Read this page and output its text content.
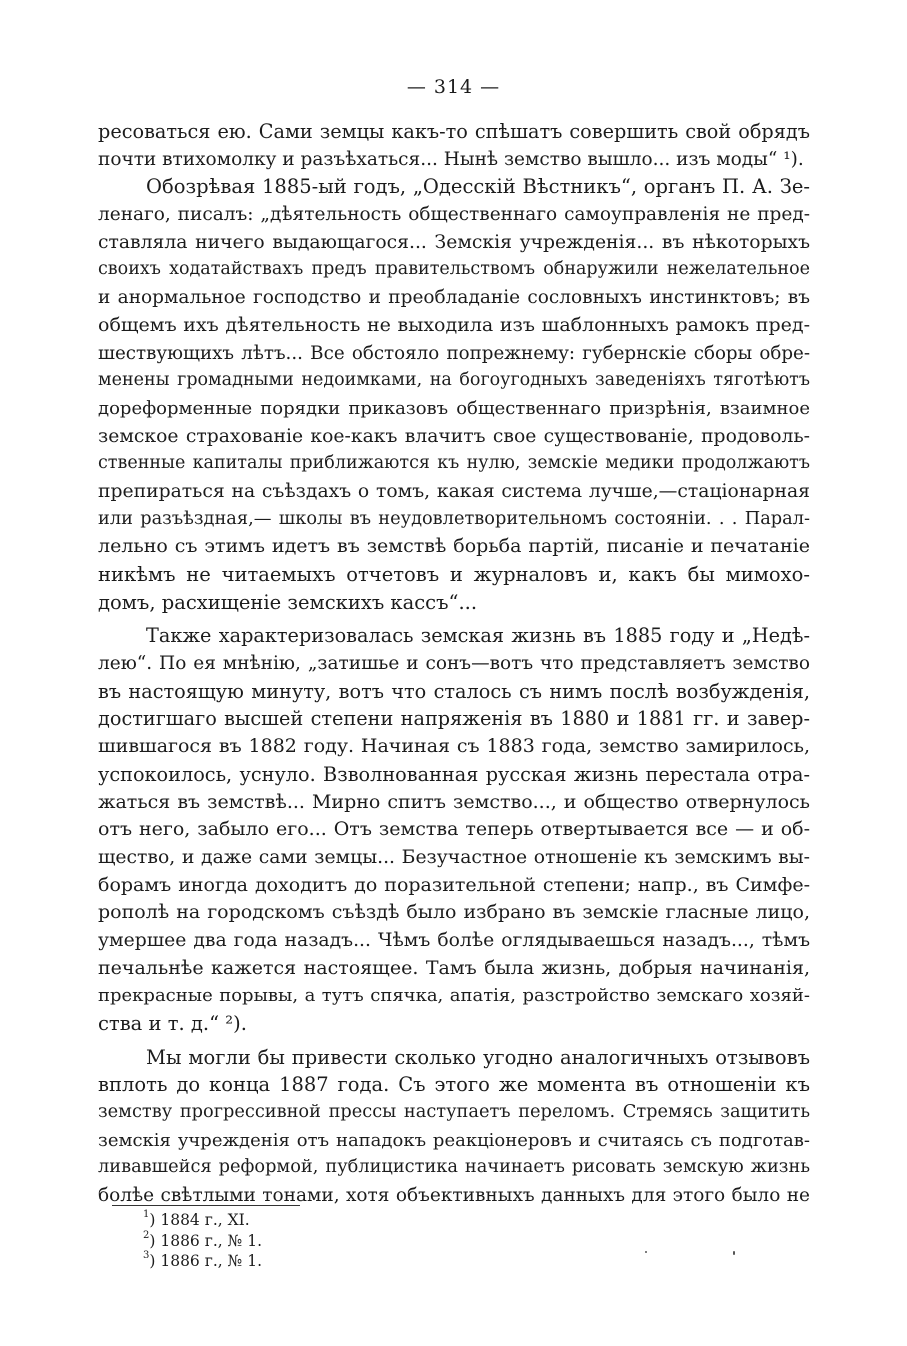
— 314 —
ресоваться ею. Сами земцы какъ-то спѣшатъ совершить свой обрядъ
почти втихомолку и разъѣхаться... Нынѣ земство вышло... изъ моды“ ¹).
Обозрѣвая 1885-ый годъ, „Одесскій Вѣстникъ“, органъ П. А. Зе-
ленаго, писалъ: „дѣятельность общественнаго самоуправленія не пред-
ставляла ничего выдающагося... Земскія учрежденія... въ нѣкоторыхъ
своихъ ходатайствахъ предъ правительствомъ обнаружили нежелательное
и анормальное господство и преобладаніе сословныхъ инстинктовъ; въ
общемъ ихъ дѣятельность не выходила изъ шаблонныхъ рамокъ пред-
шествующихъ лѣтъ... Все обстояло попрежнему: губернскіе сборы обре-
менены громадными недоимками, на богоугодныхъ заведеніяхъ тяготѣютъ
дореформенные порядки приказовъ общественнаго призрѣнія, взаимное
земское страхованіе кое-какъ влачитъ свое существованіе, продоволь-
ственные капиталы приближаются къ нулю, земскіе медики продолжаютъ
препираться на съѣздахъ о томъ, какая система лучше,—стаціонарная
или разъѣздная,— школы въ неудовлетворительномъ состояніи. . . Парал-
лельно съ этимъ идетъ въ земствѣ борьба партій, писаніе и печатаніе
никѣмъ не читаемыхъ отчетовъ и журналовъ и, какъ бы мимохо-
домъ, расхищеніе земскихъ кассъ“...
Также характеризовалась земская жизнь въ 1885 году и „Недѣ-
лею“. По ея мнѣнію, „затишье и сонъ—вотъ что представляетъ земство
въ настоящую минуту, вотъ что сталось съ нимъ послѣ возбужденія,
достигшаго высшей степени напряженія въ 1880 и 1881 гг. и завер-
шившагося въ 1882 году. Начиная съ 1883 года, земство замирилось,
успокоилось, уснуло. Взволнованная русская жизнь перестала отра-
жаться въ земствѣ... Мирно спитъ земство..., и общество отвернулось
отъ него, забыло его... Отъ земства теперь отвертывается все — и об-
щество, и даже сами земцы... Безучастное отношеніе къ земскимъ вы-
борамъ иногда доходитъ до поразительной степени; напр., въ Симфе-
рополѣ на городскомъ съѣздѣ было избрано въ земскіе гласные лицо,
умершее два года назадъ... Чѣмъ болѣе оглядываешься назадъ..., тѣмъ
печальнѣе кажется настоящее. Тамъ была жизнь, добрыя начинанія,
прекрасные порывы, а тутъ спячка, апатія, разстройство земскаго хозяй-
ства и т. д.“ ²).
Мы могли бы привести сколько угодно аналогичныхъ отзывовъ
вплоть до конца 1887 года. Съ этого же момента въ отношеніи къ
земству прогрессивной прессы наступаетъ переломъ. Стремясь защитить
земскія учрежденія отъ нападокъ реакціонеровъ и считаясь съ подготав-
ливавшейся реформой, публицистика начинаетъ рисовать земскую жизнь
болѣе свѣтлыми тонами, хотя объективныхъ данныхъ для этого было не
$^1$) 1884 г., XI.
$^2$) 1886 г., № 1.
$^3$) 1886 г., № 1.
